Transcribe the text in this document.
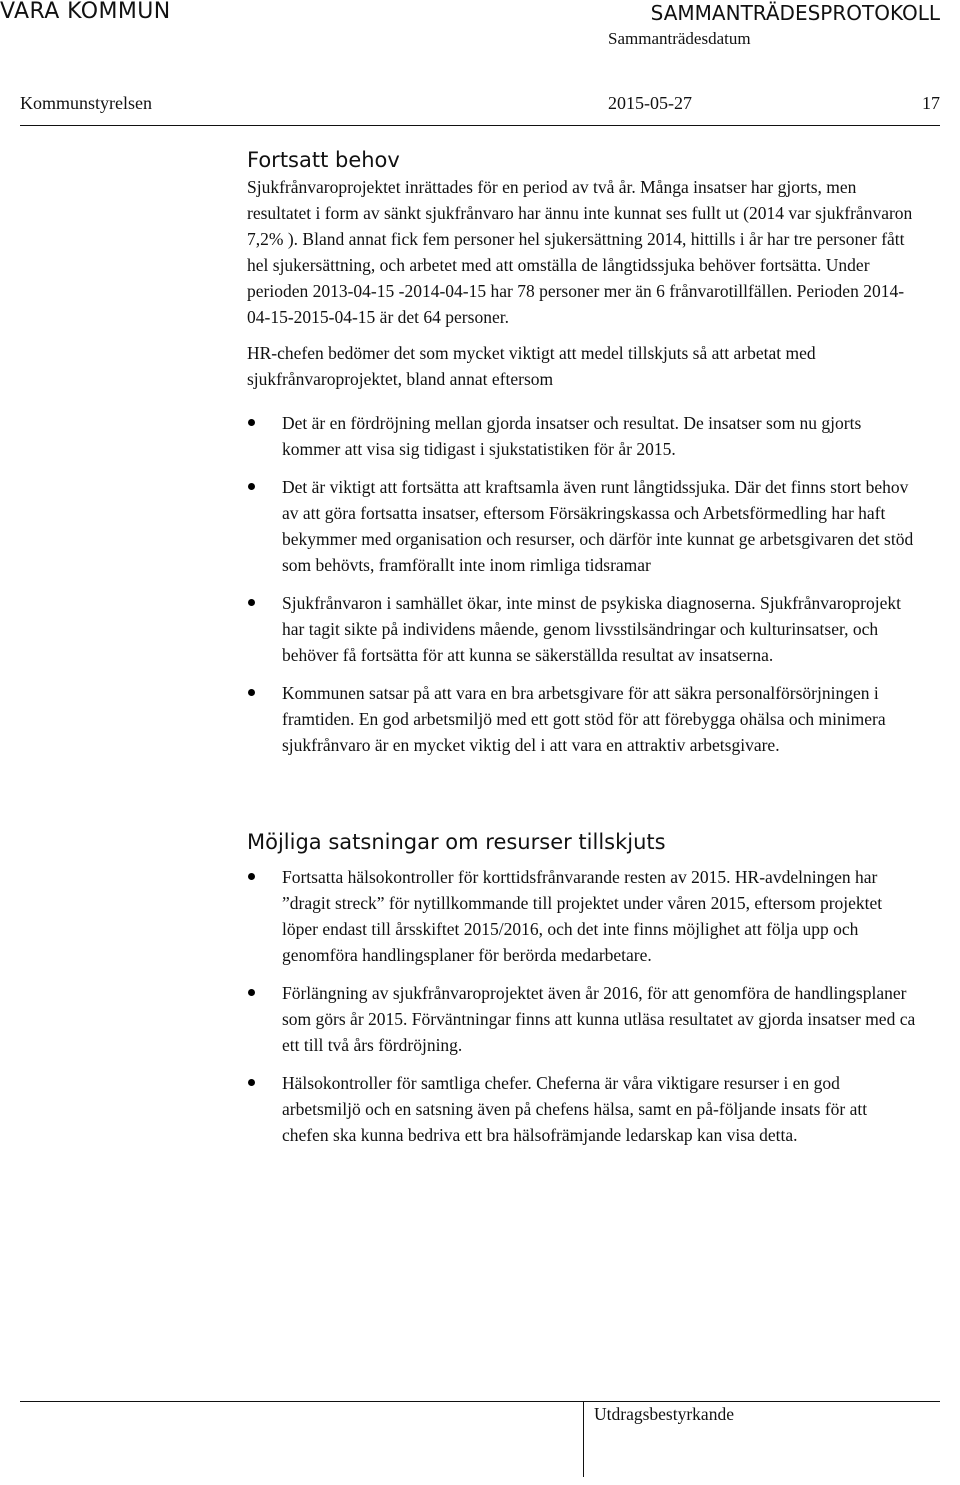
VARA KOMMUN	SAMMANTRÄDESPROTOKOLL
Sammanträdesdatum
Kommunstyrelsen	2015-05-27	17
Fortsatt behov

Sjukfrånvaroprojektet inrättades för en period av två år. Många insatser har gjorts, men resultatet i form av sänkt sjukfrånvaro har ännu inte kunnat ses fullt ut (2014 var sjukfrånvaron 7,2% ). Bland annat fick fem personer hel sjukersättning 2014, hittills i år har tre personer fått hel sjukersättning, och arbetet med att omställa de långtidssjuka behöver fortsätta. Under perioden 2013-04-15 -2014-04-15 har 78 personer mer än 6 frånvarotillfällen. Perioden 2014-04-15-2015-04-15 är det 64 personer.

HR-chefen bedömer det som mycket viktigt att medel tillskjuts så att arbetat med sjukfrånvaroprojektet, bland annat eftersom

Det är en fördröjning mellan gjorda insatser och resultat. De insatser som nu gjorts kommer att visa sig tidigast i sjukstatistiken för år 2015.
Det är viktigt att fortsätta att kraftsamla även runt långtidssjuka. Där det finns stort behov av att göra fortsatta insatser, eftersom Försäkringskassa och Arbetsförmedling har haft bekymmer med organisation och resurser, och därför inte kunnat ge arbetsgivaren det stöd som behövts, framförallt inte inom rimliga tidsramar
Sjukfrånvaron i samhället ökar, inte minst de psykiska diagnoserna. Sjukfrånvaroprojekt har tagit sikte på individens mående, genom livsstilsändringar och kulturinsatser, och behöver få fortsätta för att kunna se säkerställda resultat av insatserna.
Kommunen satsar på att vara en bra arbetsgivare för att säkra personalförsörjningen i framtiden. En god arbetsmiljö med ett gott stöd för att förebygga ohälsa och minimera sjukfrånvaro är en mycket viktig del i att vara en attraktiv arbetsgivare.
Möjliga satsningar om resurser tillskjuts
Fortsatta hälsokontroller för korttidsfrånvarande resten av 2015. HR-avdelningen har ”dragit streck” för nytillkommande till projektet under våren 2015, eftersom projektet löper endast till årsskiftet 2015/2016, och det inte finns möjlighet att följa upp och genomföra handlingsplaner för berörda medarbetare.
Förlängning av sjukfrånvaroprojektet även år 2016, för att genomföra de handlingsplaner som görs år 2015. Förväntningar finns att kunna utläsa resultatet av gjorda insatser med ca ett till två års fördröjning.
Hälsokontroller för samtliga chefer. Cheferna är våra viktigare resurser i en god arbetsmiljö och en satsning även på chefens hälsa, samt en på-följande insats för att chefen ska kunna bedriva ett bra hälsofrämjande ledarskap kan visa detta.
Utdragsbestyrkande
